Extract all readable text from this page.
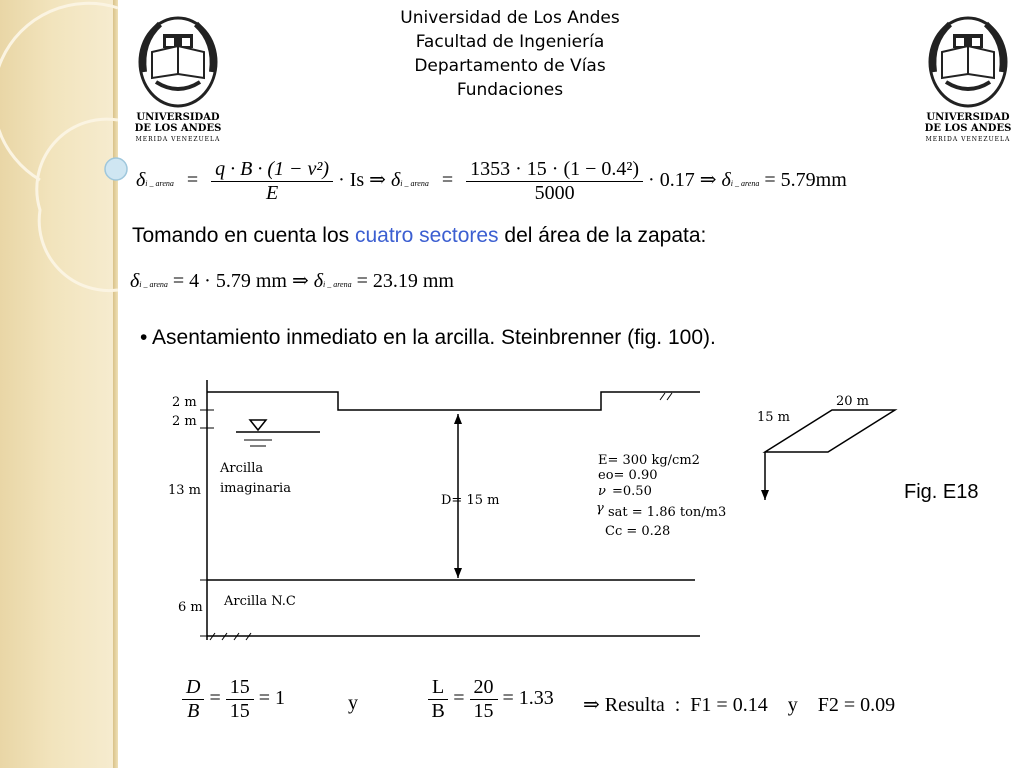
Universidad de Los Andes
Facultad de Ingeniería
Departamento de Vías
Fundaciones
UNIVERSIDAD
DE LOS ANDES
MERIDA VENEZUELA
UNIVERSIDAD
DE LOS ANDES
MERIDA VENEZUELA
δi _ arena = $\frac{\text{q · B · (1 − ν²)}}{E} \cdot Is$ ⇒ δi _ arena = $\frac{\text{1353 · 15 · (1 − 0.4²)}}{5000} \cdot 0.17$ ⇒ δi _ arena = 5.79mm
Tomando en cuenta los cuatro sectores del área de la zapata:
δi _ arena = 4 · 5.79 mm ⇒ δi _ arena = 23.19 mm
• Asentamiento inmediato en la arcilla. Steinbrenner (fig. 100).
2 m
2 m
13 m
6 m
Arcilla
imaginaria
Arcilla N.C
D= 15 m
E= 300 kg/cm2
eo= 0.90
ν =0.50
γ sat = 1.86 ton/m3
Cc = 0.28
20 m
15 m
Fig. E18
$\frac{D}{B} = \frac{15}{15} = 1$	y	$\frac{L}{B} = \frac{20}{15} = 1.33$ ⇒ Resulta  :  F1 = 0.14    y    F2 = 0.09
